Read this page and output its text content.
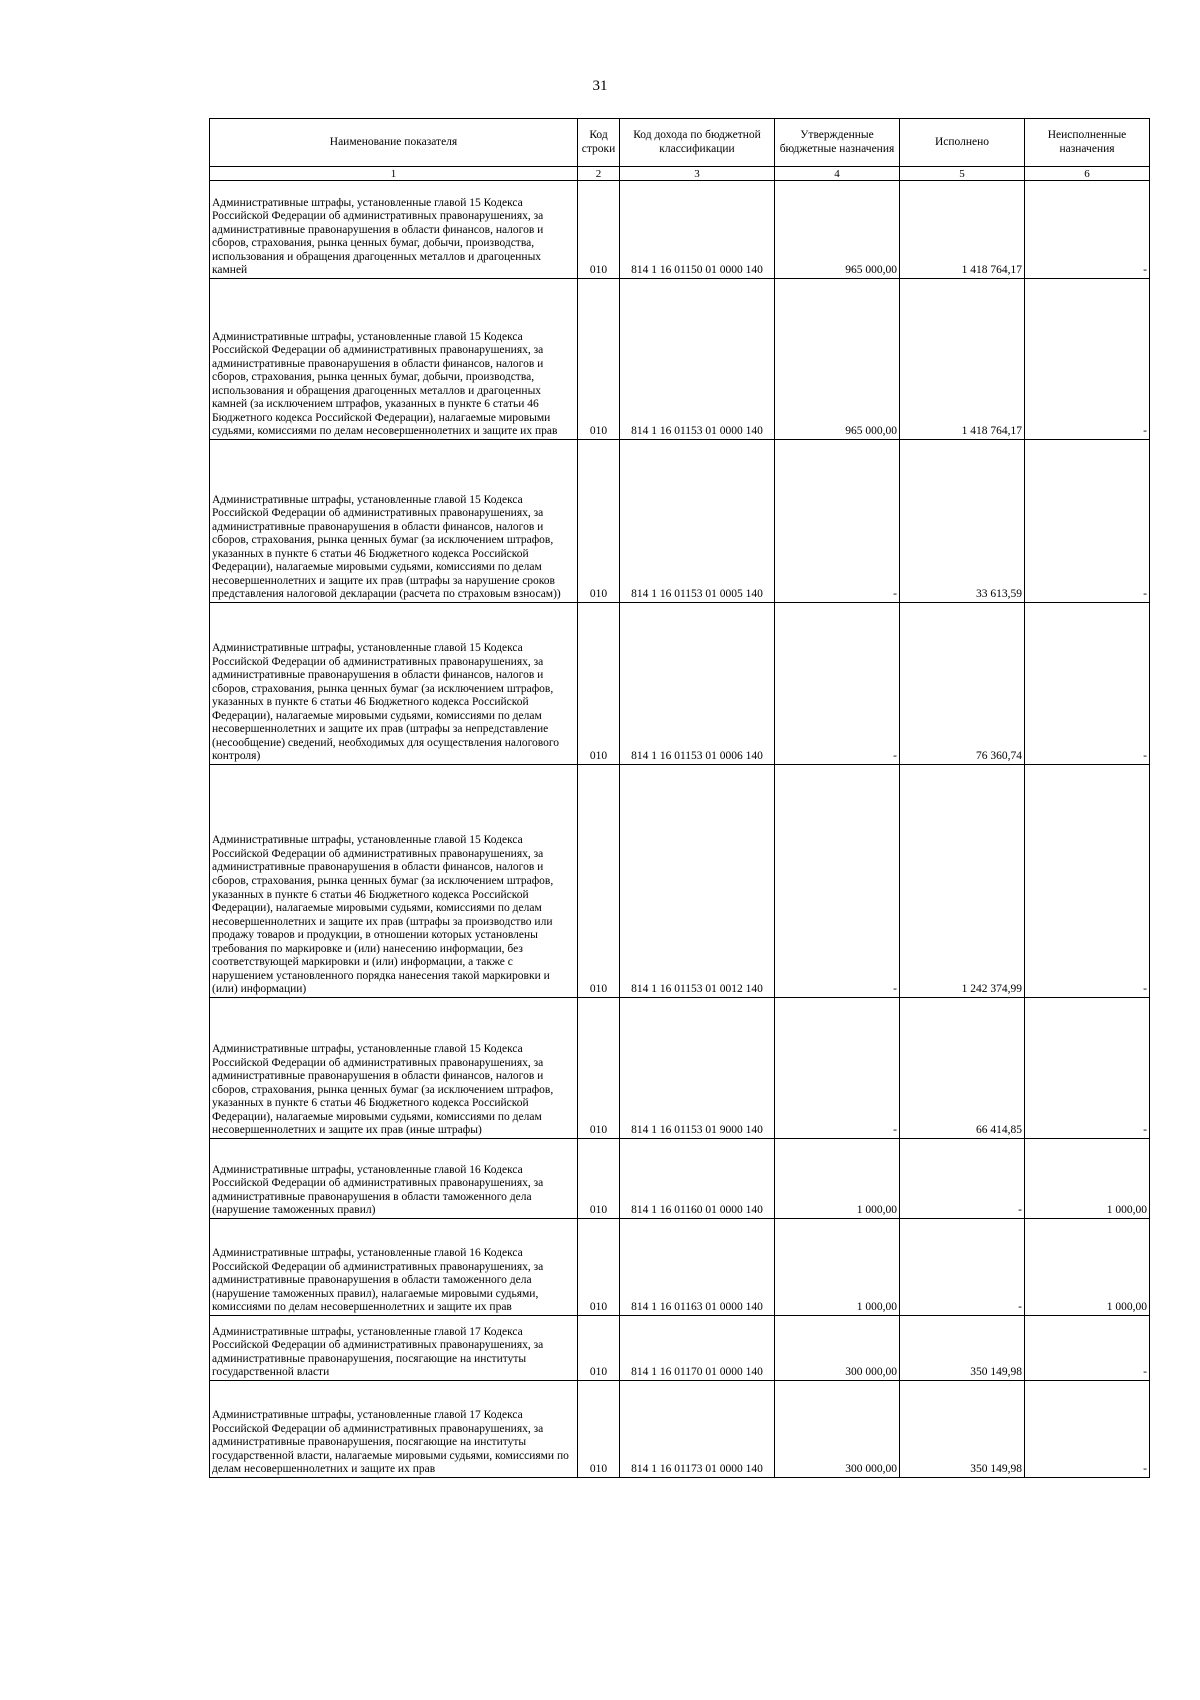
31
Наименование показателя	Код строки	Код дохода по бюджетной классификации	Утвержденные бюджетные назначения	Исполнено	Неисполненные назначения
1	2	3	4	5	6
Административные штрафы, установленные главой 15 Кодекса Российской Федерации об административных правонарушениях, за административные правонарушения в области финансов, налогов и сборов, страхования, рынка ценных бумаг, добычи, производства, использования и обращения драгоценных металлов и драгоценных камней	010	814 1 16 01150 01 0000 140	965 000,00	1 418 764,17	-
Административные штрафы, установленные главой 15 Кодекса Российской Федерации об административных правонарушениях, за административные правонарушения в области финансов, налогов и сборов, страхования, рынка ценных бумаг, добычи, производства, использования и обращения драгоценных металлов и драгоценных камней (за исключением штрафов, указанных в пункте 6 статьи 46 Бюджетного кодекса Российской Федерации), налагаемые мировыми судьями, комиссиями по делам несовершеннолетних и защите их прав	010	814 1 16 01153 01 0000 140	965 000,00	1 418 764,17	-
Административные штрафы, установленные главой 15 Кодекса Российской Федерации об административных правонарушениях, за административные правонарушения в области финансов, налогов и сборов, страхования, рынка ценных бумаг (за исключением штрафов, указанных в пункте 6 статьи 46 Бюджетного кодекса Российской Федерации), налагаемые мировыми судьями, комиссиями по делам несовершеннолетних и защите их прав (штрафы за нарушение сроков представления налоговой декларации (расчета по страховым взносам))	010	814 1 16 01153 01 0005 140	-	33 613,59	-
Административные штрафы, установленные главой 15 Кодекса Российской Федерации об административных правонарушениях, за административные правонарушения в области финансов, налогов и сборов, страхования, рынка ценных бумаг (за исключением штрафов, указанных в пункте 6 статьи 46 Бюджетного кодекса Российской Федерации), налагаемые мировыми судьями, комиссиями по делам несовершеннолетних и защите их прав (штрафы за непредставление (несообщение) сведений, необходимых для осуществления налогового контроля)	010	814 1 16 01153 01 0006 140	-	76 360,74	-
Административные штрафы, установленные главой 15 Кодекса Российской Федерации об административных правонарушениях, за административные правонарушения в области финансов, налогов и сборов, страхования, рынка ценных бумаг (за исключением штрафов, указанных в пункте 6 статьи 46 Бюджетного кодекса Российской Федерации), налагаемые мировыми судьями, комиссиями по делам несовершеннолетних и защите их прав (штрафы за производство или продажу товаров и продукции, в отношении которых установлены требования по маркировке и (или) нанесению информации, без соответствующей маркировки и (или) информации, а также с нарушением установленного порядка нанесения такой маркировки и (или) информации)	010	814 1 16 01153 01 0012 140	-	1 242 374,99	-
Административные штрафы, установленные главой 15 Кодекса Российской Федерации об административных правонарушениях, за административные правонарушения в области финансов, налогов и сборов, страхования, рынка ценных бумаг (за исключением штрафов, указанных в пункте 6 статьи 46 Бюджетного кодекса Российской Федерации), налагаемые мировыми судьями, комиссиями по делам несовершеннолетних и защите их прав (иные штрафы)	010	814 1 16 01153 01 9000 140	-	66 414,85	-
Административные штрафы, установленные главой 16 Кодекса Российской Федерации об административных правонарушениях, за административные правонарушения в области таможенного дела (нарушение таможенных правил)	010	814 1 16 01160 01 0000 140	1 000,00	-	1 000,00
Административные штрафы, установленные главой 16 Кодекса Российской Федерации об административных правонарушениях, за административные правонарушения в области таможенного дела (нарушение таможенных правил), налагаемые мировыми судьями, комиссиями по делам несовершеннолетних и защите их прав	010	814 1 16 01163 01 0000 140	1 000,00	-	1 000,00
Административные штрафы, установленные главой 17 Кодекса Российской Федерации об административных правонарушениях, за административные правонарушения, посягающие на институты государственной власти	010	814 1 16 01170 01 0000 140	300 000,00	350 149,98	-
Административные штрафы, установленные главой 17 Кодекса Российской Федерации об административных правонарушениях, за административные правонарушения, посягающие на институты государственной власти, налагаемые мировыми судьями, комиссиями по делам несовершеннолетних и защите их прав	010	814 1 16 01173 01 0000 140	300 000,00	350 149,98	-
